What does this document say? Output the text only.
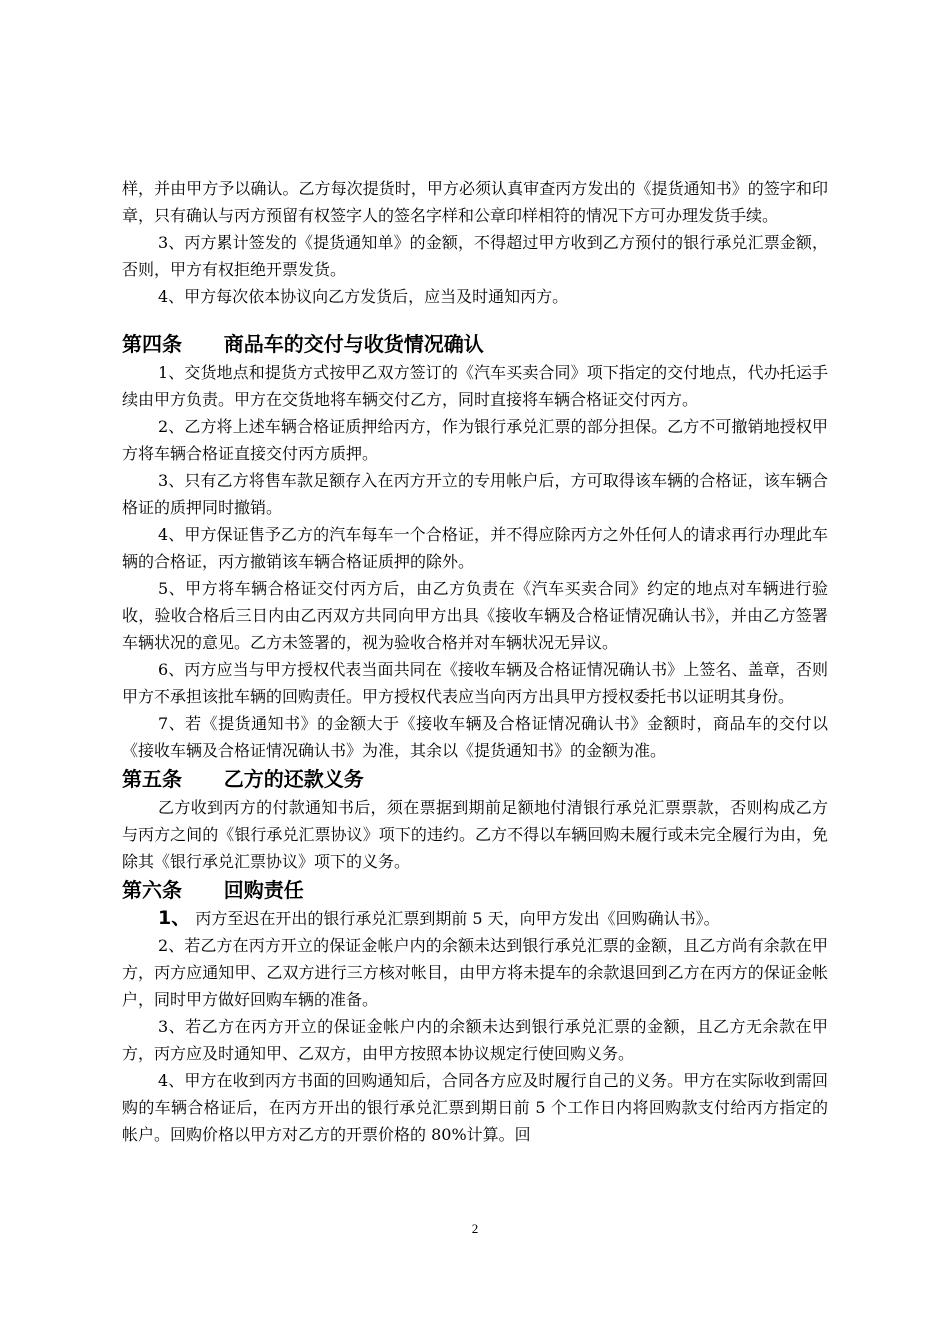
样，并由甲方予以确认。乙方每次提货时，甲方必须认真审查丙方发出的《提货通知书》的签字和印章，只有确认与丙方预留有权签字人的签名字样和公章印样相符的情况下方可办理发货手续。

3、丙方累计签发的《提货通知单》的金额，不得超过甲方收到乙方预付的银行承兑汇票金额，否则，甲方有权拒绝开票发货。

4、甲方每次依本协议向乙方发货后，应当及时通知丙方。

第四条      商品车的交付与收货情况确认

1、交货地点和提货方式按甲乙双方签订的《汽车买卖合同》项下指定的交付地点，代办托运手续由甲方负责。甲方在交货地将车辆交付乙方，同时直接将车辆合格证交付丙方。

2、乙方将上述车辆合格证质押给丙方，作为银行承兑汇票的部分担保。乙方不可撤销地授权甲方将车辆合格证直接交付丙方质押。

3、只有乙方将售车款足额存入在丙方开立的专用帐户后，方可取得该车辆的合格证，该车辆合格证的质押同时撤销。

4、甲方保证售予乙方的汽车每车一个合格证，并不得应除丙方之外任何人的请求再行办理此车辆的合格证，丙方撤销该车辆合格证质押的除外。

5、甲方将车辆合格证交付丙方后，由乙方负责在《汽车买卖合同》约定的地点对车辆进行验收，验收合格后三日内由乙丙双方共同向甲方出具《接收车辆及合格证情况确认书》，并由乙方签署车辆状况的意见。乙方未签署的，视为验收合格并对车辆状况无异议。

6、丙方应当与甲方授权代表当面共同在《接收车辆及合格证情况确认书》上签名、盖章，否则甲方不承担该批车辆的回购责任。甲方授权代表应当向丙方出具甲方授权委托书以证明其身份。

7、若《提货通知书》的金额大于《接收车辆及合格证情况确认书》金额时，商品车的交付以《接收车辆及合格证情况确认书》为准，其余以《提货通知书》的金额为准。

第五条      乙方的还款义务

乙方收到丙方的付款通知书后，须在票据到期前足额地付清银行承兑汇票票款，否则构成乙方与丙方之间的《银行承兑汇票协议》项下的违约。乙方不得以车辆回购未履行或未完全履行为由，免除其《银行承兑汇票协议》项下的义务。

第六条      回购责任

1、 丙方至迟在开出的银行承兑汇票到期前 5 天，向甲方发出《回购确认书》。

2、若乙方在丙方开立的保证金帐户内的余额未达到银行承兑汇票的金额，且乙方尚有余款在甲方，丙方应通知甲、乙双方进行三方核对帐目，由甲方将未提车的余款退回到乙方在丙方的保证金帐户，同时甲方做好回购车辆的准备。

3、若乙方在丙方开立的保证金帐户内的余额未达到银行承兑汇票的金额，且乙方无余款在甲方，丙方应及时通知甲、乙双方，由甲方按照本协议规定行使回购义务。

4、甲方在收到丙方书面的回购通知后，合同各方应及时履行自己的义务。甲方在实际收到需回购的车辆合格证后，在丙方开出的银行承兑汇票到期日前 5 个工作日内将回购款支付给丙方指定的帐户。回购价格以甲方对乙方的开票价格的 80%计算。回

2
